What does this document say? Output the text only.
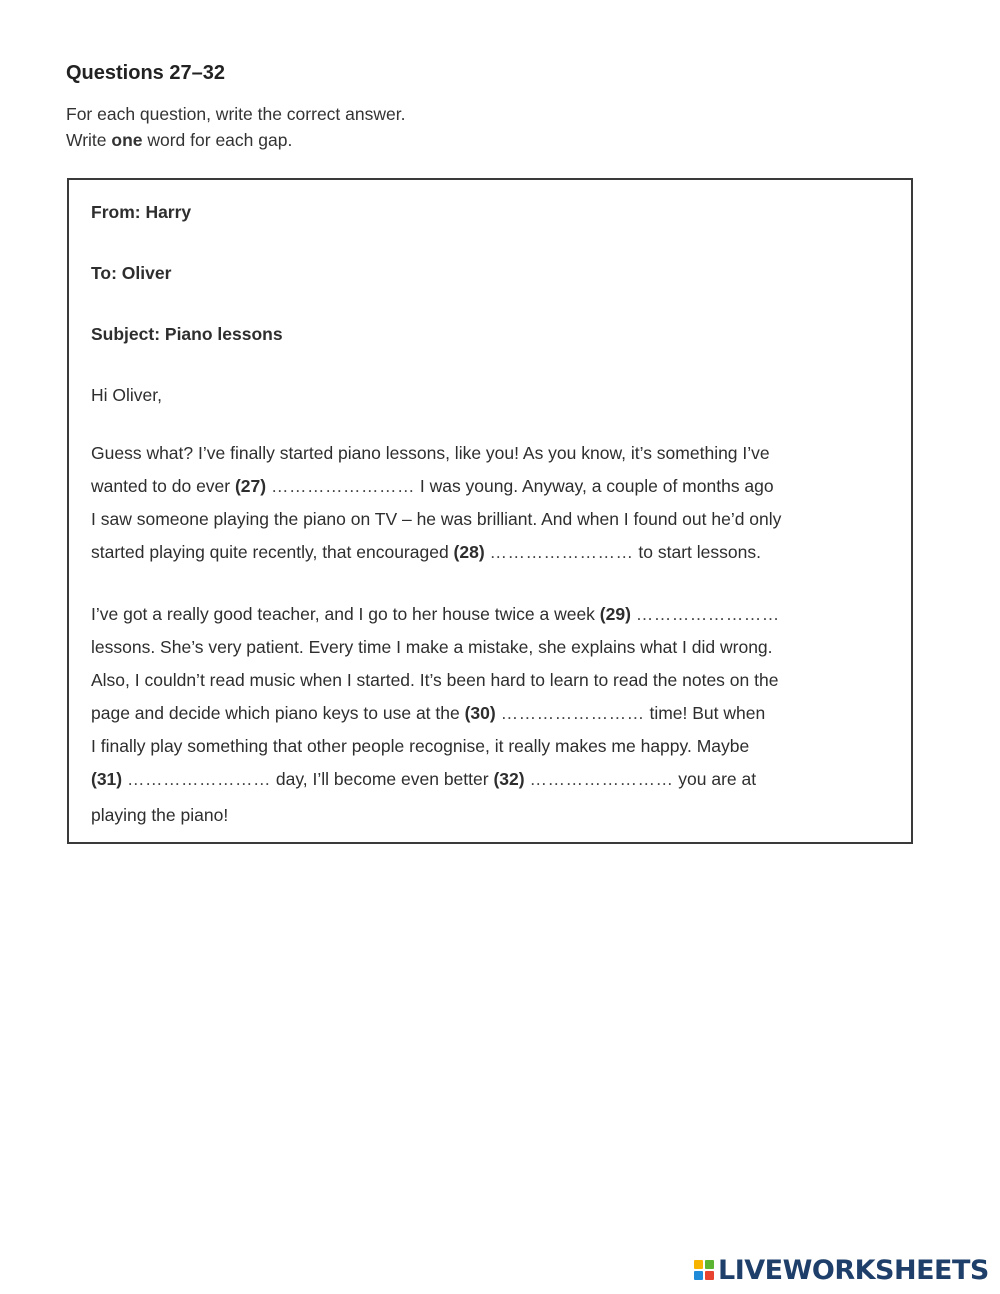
Questions 27–32
For each question, write the correct answer.
Write one word for each gap.
From: Harry
To: Oliver
Subject: Piano lessons
Hi Oliver,
Guess what? I’ve finally started piano lessons, like you! As you know, it’s something I’ve
wanted to do ever (27) …………………… I was young. Anyway, a couple of months ago
I saw someone playing the piano on TV – he was brilliant. And when I found out he’d only
started playing quite recently, that encouraged (28) …………………… to start lessons.
I’ve got a really good teacher, and I go to her house twice a week (29) ……………………
lessons. She’s very patient. Every time I make a mistake, she explains what I did wrong.
Also, I couldn’t read music when I started. It’s been hard to learn to read the notes on the
page and decide which piano keys to use at the (30) …………………… time! But when
I finally play something that other people recognise, it really makes me happy. Maybe
(31) …………………… day, I’ll become even better (32) …………………… you are at
playing the piano!
LIVEWORKSHEETS
